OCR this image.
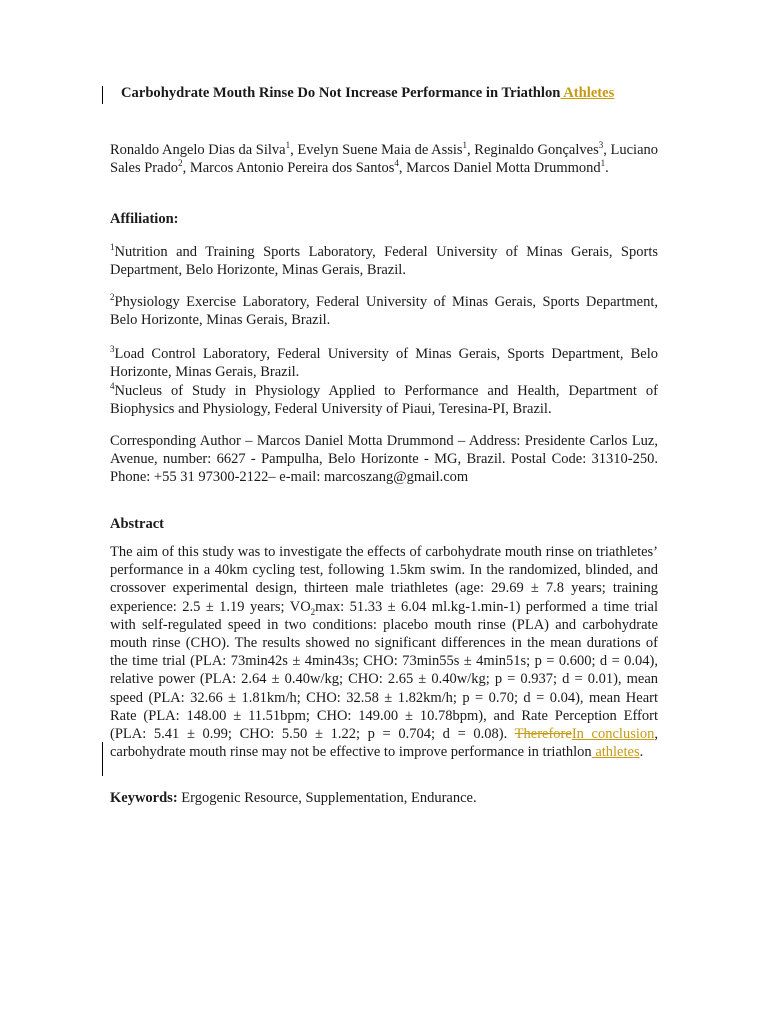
Carbohydrate Mouth Rinse Do Not Increase Performance in Triathlon Athletes
Ronaldo Angelo Dias da Silva$^1$, Evelyn Suene Maia de Assis$^1$, Reginaldo Gonçalves$^3$, Luciano Sales Prado$^2$, Marcos Antonio Pereira dos Santos$^4$, Marcos Daniel Motta Drummond$^1$.
Affiliation:
$^1$Nutrition and Training Sports Laboratory, Federal University of Minas Gerais, Sports Department, Belo Horizonte, Minas Gerais, Brazil.
$^2$Physiology Exercise Laboratory, Federal University of Minas Gerais, Sports Department, Belo Horizonte, Minas Gerais, Brazil.
$^3$Load Control Laboratory, Federal University of Minas Gerais, Sports Department, Belo Horizonte, Minas Gerais, Brazil.
$^4$Nucleus of Study in Physiology Applied to Performance and Health, Department of Biophysics and Physiology, Federal University of Piaui, Teresina-PI, Brazil.
Corresponding Author – Marcos Daniel Motta Drummond – Address: Presidente Carlos Luz, Avenue, number: 6627 - Pampulha, Belo Horizonte - MG, Brazil. Postal Code: 31310-250. Phone: +55 31 97300-2122– e-mail: marcoszang@gmail.com
Abstract
The aim of this study was to investigate the effects of carbohydrate mouth rinse on triathletes’ performance in a 40km cycling test, following 1.5km swim. In the randomized, blinded, and crossover experimental design, thirteen male triathletes (age: 29.69 ± 7.8 years; training experience: 2.5 ± 1.19 years; $VO_2\max$: 51.33 ± 6.04 ml.kg-1.min-1) performed a time trial with self-regulated speed in two conditions: placebo mouth rinse (PLA) and carbohydrate mouth rinse (CHO). The results showed no significant differences in the mean durations of the time trial (PLA: 73min42s ± 4min43s; CHO: 73min55s ± 4min51s; p = 0.600; d = 0.04), relative power (PLA: 2.64 ± 0.40w/kg; CHO: 2.65 ± 0.40w/kg; p = 0.937; d = 0.01), mean speed (PLA: 32.66 ± 1.81km/h; CHO: 32.58 ± 1.82km/h; p = 0.70; d = 0.04), mean Heart Rate (PLA: 148.00 ± 11.51bpm; CHO: 149.00 ± 10.78bpm), and Rate Perception Effort (PLA: 5.41 ± 0.99; CHO: 5.50 ± 1.22; p = 0.704; d = 0.08). ThereforeIn conclusion, carbohydrate mouth rinse may not be effective to improve performance in triathlon athletes.
Keywords: Ergogenic Resource, Supplementation, Endurance.
